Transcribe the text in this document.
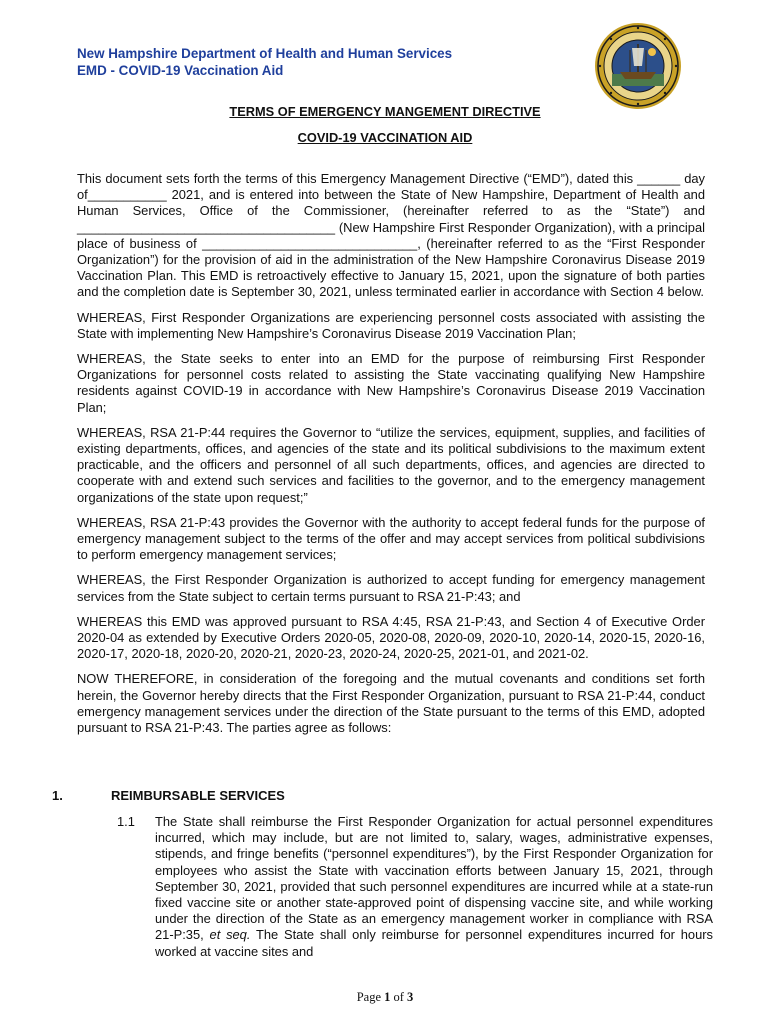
New Hampshire Department of Health and Human Services
EMD - COVID-19 Vaccination Aid
TERMS OF EMERGENCY MANGEMENT DIRECTIVE
COVID-19 VACCINATION AID

This document sets forth the terms of this Emergency Management Directive (“EMD”), dated this ______ day of___________ 2021, and is entered into between the State of New Hampshire, Department of Health and Human Services, Office of the Commissioner, (hereinafter referred to as the “State”) and ____________________________________ (New Hampshire First Responder Organization), with a principal place of business of ______________________________, (hereinafter referred to as the “First Responder Organization”) for the provision of aid in the administration of the New Hampshire Coronavirus Disease 2019 Vaccination Plan. This EMD is retroactively effective to January 15, 2021, upon the signature of both parties and the completion date is September 30, 2021, unless terminated earlier in accordance with Section 4 below.

WHEREAS, First Responder Organizations are experiencing personnel costs associated with assisting the State with implementing New Hampshire’s Coronavirus Disease 2019 Vaccination Plan;

WHEREAS, the State seeks to enter into an EMD for the purpose of reimbursing First Responder Organizations for personnel costs related to assisting the State vaccinating qualifying New Hampshire residents against COVID-19 in accordance with New Hampshire’s Coronavirus Disease 2019 Vaccination Plan;

WHEREAS, RSA 21-P:44 requires the Governor to “utilize the services, equipment, supplies, and facilities of existing departments, offices, and agencies of the state and its political subdivisions to the maximum extent practicable, and the officers and personnel of all such departments, offices, and agencies are directed to cooperate with and extend such services and facilities to the governor, and to the emergency management organizations of the state upon request;”

WHEREAS, RSA 21-P:43 provides the Governor with the authority to accept federal funds for the purpose of emergency management subject to the terms of the offer and may accept services from political subdivisions to perform emergency management services;

WHEREAS, the First Responder Organization is authorized to accept funding for emergency management services from the State subject to certain terms pursuant to RSA 21-P:43; and

WHEREAS this EMD was approved pursuant to RSA 4:45, RSA 21-P:43, and Section 4 of Executive Order 2020-04 as extended by Executive Orders 2020-05, 2020-08, 2020-09, 2020-10, 2020-14, 2020-15, 2020-16, 2020-17, 2020-18, 2020-20, 2020-21, 2020-23, 2020-24, 2020-25, 2021-01, and 2021-02.

NOW THEREFORE, in consideration of the foregoing and the mutual covenants and conditions set forth herein, the Governor hereby directs that the First Responder Organization, pursuant to RSA 21-P:44, conduct emergency management services under the direction of the State pursuant to the terms of this EMD, adopted pursuant to RSA 21-P:43. The parties agree as follows:

1.	REIMBURSABLE SERVICES
1.1 The State shall reimburse the First Responder Organization for actual personnel expenditures incurred, which may include, but are not limited to, salary, wages, administrative expenses, stipends, and fringe benefits (“personnel expenditures”), by the First Responder Organization for employees who assist the State with vaccination efforts between January 15, 2021, through September 30, 2021, provided that such personnel expenditures are incurred while at a state-run fixed vaccine site or another state-approved point of dispensing vaccine site, and while working under the direction of the State as an emergency management worker in compliance with RSA 21-P:35, et seq. The State shall only reimburse for personnel expenditures incurred for hours worked at vaccine sites and
Page 1 of 3
